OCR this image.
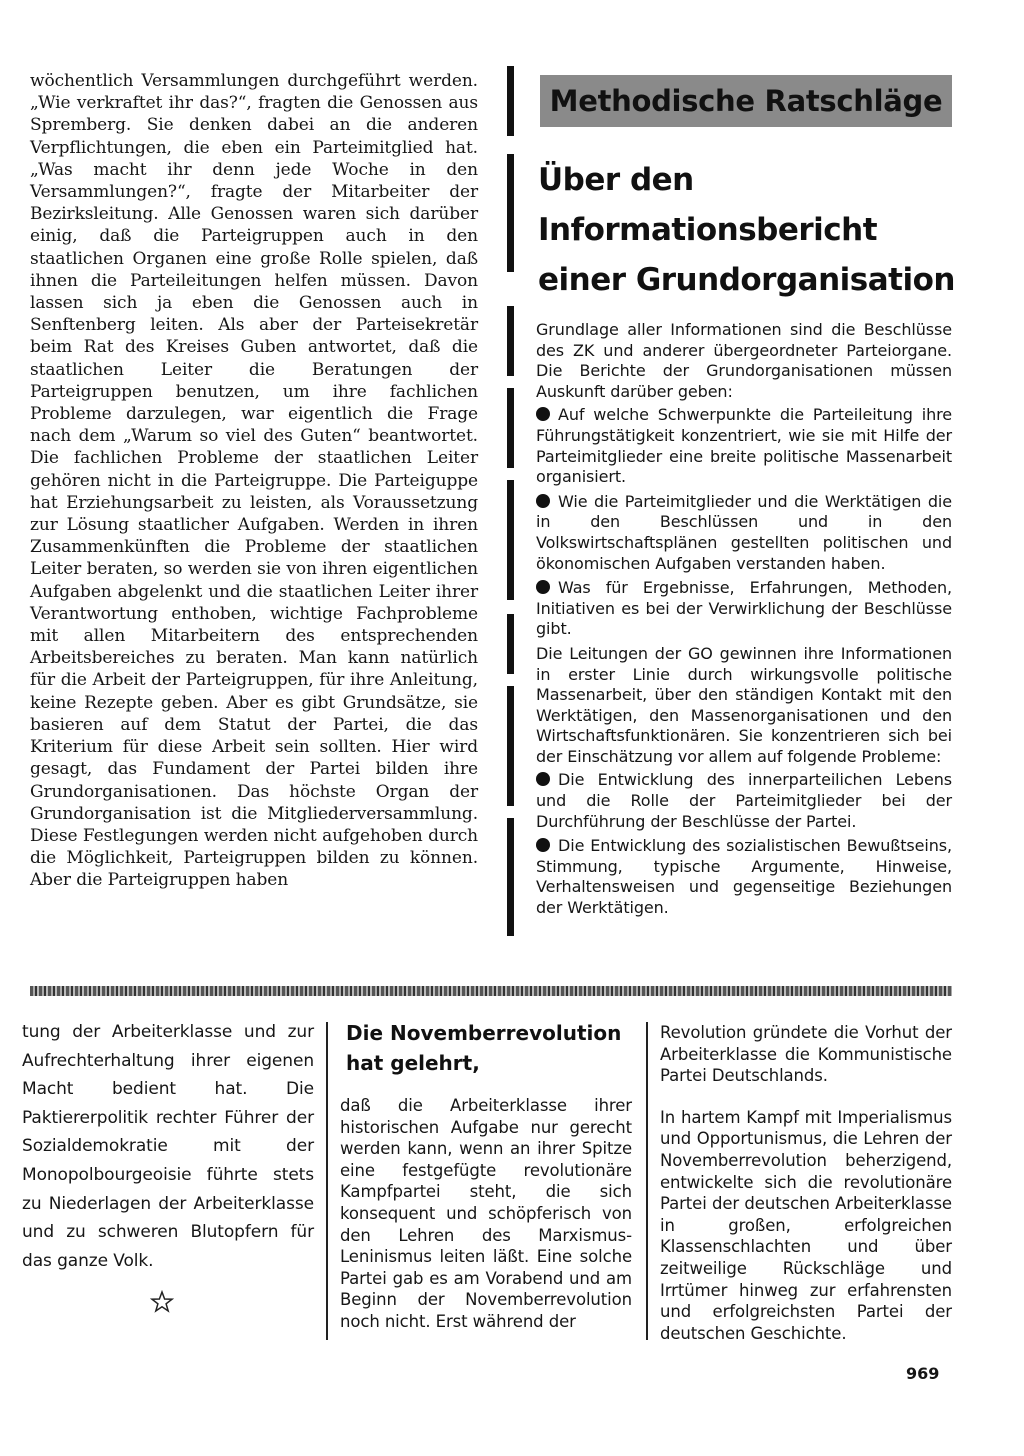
wöchentlich Versammlungen durchgeführt werden. „Wie verkraftet ihr das?“, fragten die Genossen aus Spremberg. Sie denken dabei an die anderen Verpflichtungen, die eben ein Parteimitglied hat. „Was macht ihr denn jede Woche in den Versammlungen?“, fragte der Mitarbeiter der Bezirksleitung. Alle Genossen waren sich darüber einig, daß die Parteigruppen auch in den staatlichen Organen eine große Rolle spielen, daß ihnen die Parteileitungen helfen müssen. Davon lassen sich ja eben die Genossen auch in Senftenberg leiten. Als aber der Parteisekretär beim Rat des Kreises Guben antwortet, daß die staatlichen Leiter die Beratungen der Parteigruppen benutzen, um ihre fachlichen Probleme darzulegen, war eigentlich die Frage nach dem „Warum so viel des Guten“ beantwortet. Die fachlichen Probleme der staatlichen Leiter gehören nicht in die Parteigruppe. Die Parteiguppe hat Erziehungsarbeit zu leisten, als Voraussetzung zur Lösung staatlicher Aufgaben. Werden in ihren Zusammenkünften die Probleme der staatlichen Leiter beraten, so werden sie von ihren eigentlichen Aufgaben abgelenkt und die staatlichen Leiter ihrer Verantwortung enthoben, wichtige Fachprobleme mit allen Mitarbeitern des entsprechenden Arbeitsbereiches zu beraten. Man kann natürlich für die Arbeit der Parteigruppen, für ihre Anleitung, keine Rezepte geben. Aber es gibt Grundsätze, sie basieren auf dem Statut der Partei, die das Kriterium für diese Arbeit sein sollten. Hier wird gesagt, das Fundament der Partei bilden ihre Grundorganisationen. Das höchste Organ der Grundorganisation ist die Mitgliederversammlung. Diese Festlegungen werden nicht aufgehoben durch die Möglichkeit, Parteigruppen bilden zu können. Aber die Parteigruppen haben

Methodische Ratschläge
Über den Informationsbericht einer Grundorganisation

Grundlage aller Informationen sind die Beschlüsse des ZK und anderer übergeordneter Parteiorgane. Die Berichte der Grundorganisationen müssen Auskunft darüber geben:

Auf welche Schwerpunkte die Parteileitung ihre Führungstätigkeit konzentriert, wie sie mit Hilfe der Parteimitglieder eine breite politische Massenarbeit organisiert.

Wie die Parteimitglieder und die Werktätigen die in den Beschlüssen und in den Volkswirtschaftsplänen gestellten politischen und ökonomischen Aufgaben verstanden haben.

Was für Ergebnisse, Erfahrungen, Methoden, Initiativen es bei der Verwirklichung der Beschlüsse gibt.

Die Leitungen der GO gewinnen ihre Informationen in erster Linie durch wirkungsvolle politische Massenarbeit, über den ständigen Kontakt mit den Werktätigen, den Massenorganisationen und den Wirtschaftsfunktionären. Sie konzentrieren sich bei der Einschätzung vor allem auf folgende Probleme:

Die Entwicklung des innerparteilichen Lebens und die Rolle der Parteimitglieder bei der Durchführung der Beschlüsse der Partei.

Die Entwicklung des sozialistischen Bewußtseins, Stimmung, typische Argumente, Hinweise, Verhaltensweisen und gegenseitige Beziehungen der Werktätigen.

tung der Arbeiterklasse und zur Aufrechterhaltung ihrer eigenen Macht bedient hat. Die Paktiererpolitik rechter Führer der Sozialdemokratie mit der Monopolbourgeoisie führte stets zu Niederlagen der Arbeiterklasse und zu schweren Blutopfern für das ganze Volk.

Die Novemberrevolution hat gelehrt,

daß die Arbeiterklasse ihrer historischen Aufgabe nur gerecht werden kann, wenn an ihrer Spitze eine festgefügte revolutionäre Kampfpartei steht, die sich konsequent und schöpferisch von den Lehren des Marxismus-Leninismus leiten läßt. Eine solche Partei gab es am Vorabend und am Beginn der Novemberrevolution noch nicht. Erst während der

Revolution gründete die Vorhut der Arbeiterklasse die Kommunistische Partei Deutschlands.

In hartem Kampf mit Imperialismus und Opportunismus, die Lehren der Novemberrevolution beherzigend, entwickelte sich die revolutionäre Partei der deutschen Arbeiterklasse in großen, erfolgreichen Klassenschlachten und über zeitweilige Rückschläge und Irrtümer hinweg zur erfahrensten und erfolgreichsten Partei der deutschen Geschichte.

969
